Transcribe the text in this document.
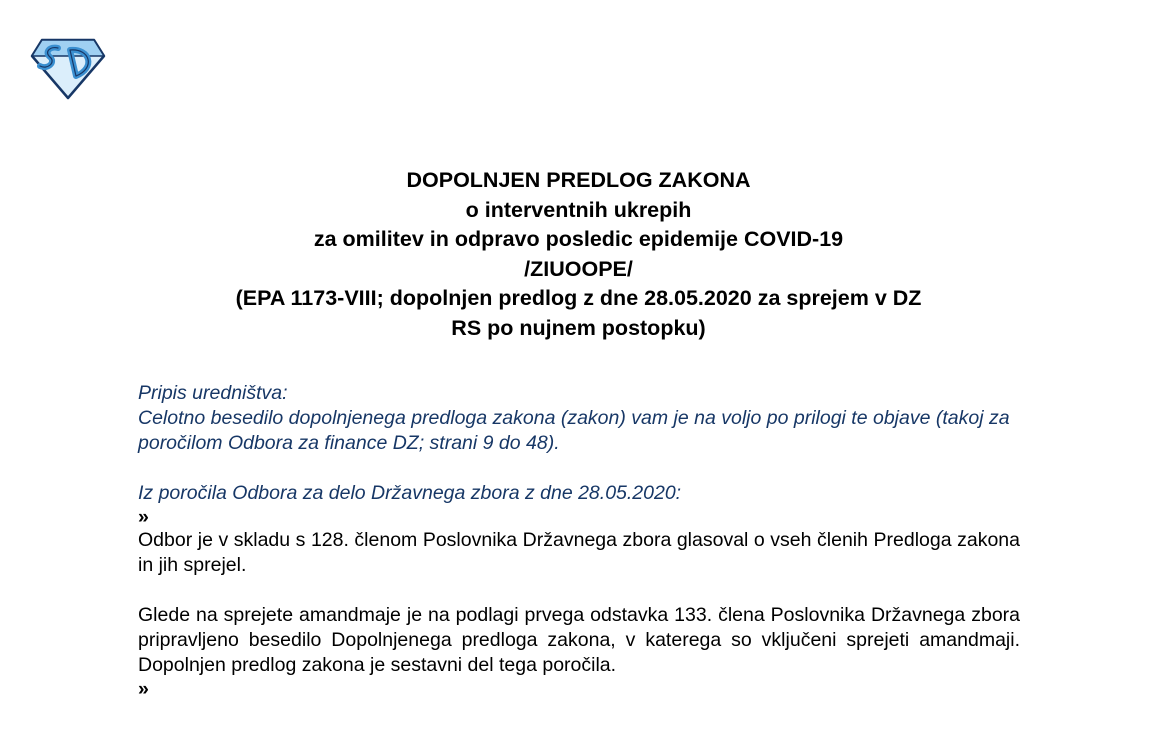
DOPOLNJEN PREDLOG ZAKONA
o interventnih ukrepih
za omilitev in odpravo posledic epidemije COVID-19
/ZIUOOPE/
(EPA 1173-VIII; dopolnjen predlog z dne 28.05.2020 za sprejem v DZ
RS po nujnem postopku)
Pripis uredništva:
Celotno besedilo dopolnjenega predloga zakona (zakon) vam je na voljo po prilogi te objave (takoj za poročilom Odbora za finance DZ; strani 9 do 48).
Iz poročila Odbora za delo Državnega zbora z dne 28.05.2020:
»
Odbor je v skladu s 128. členom Poslovnika Državnega zbora glasoval o vseh členih Predloga zakona in jih sprejel.
Glede na sprejete amandmaje je na podlagi prvega odstavka 133. člena Poslovnika Državnega zbora pripravljeno besedilo Dopolnjenega predloga zakona, v katerega so vključeni sprejeti amandmaji. Dopolnjen predlog zakona je sestavni del tega poročila.
»
